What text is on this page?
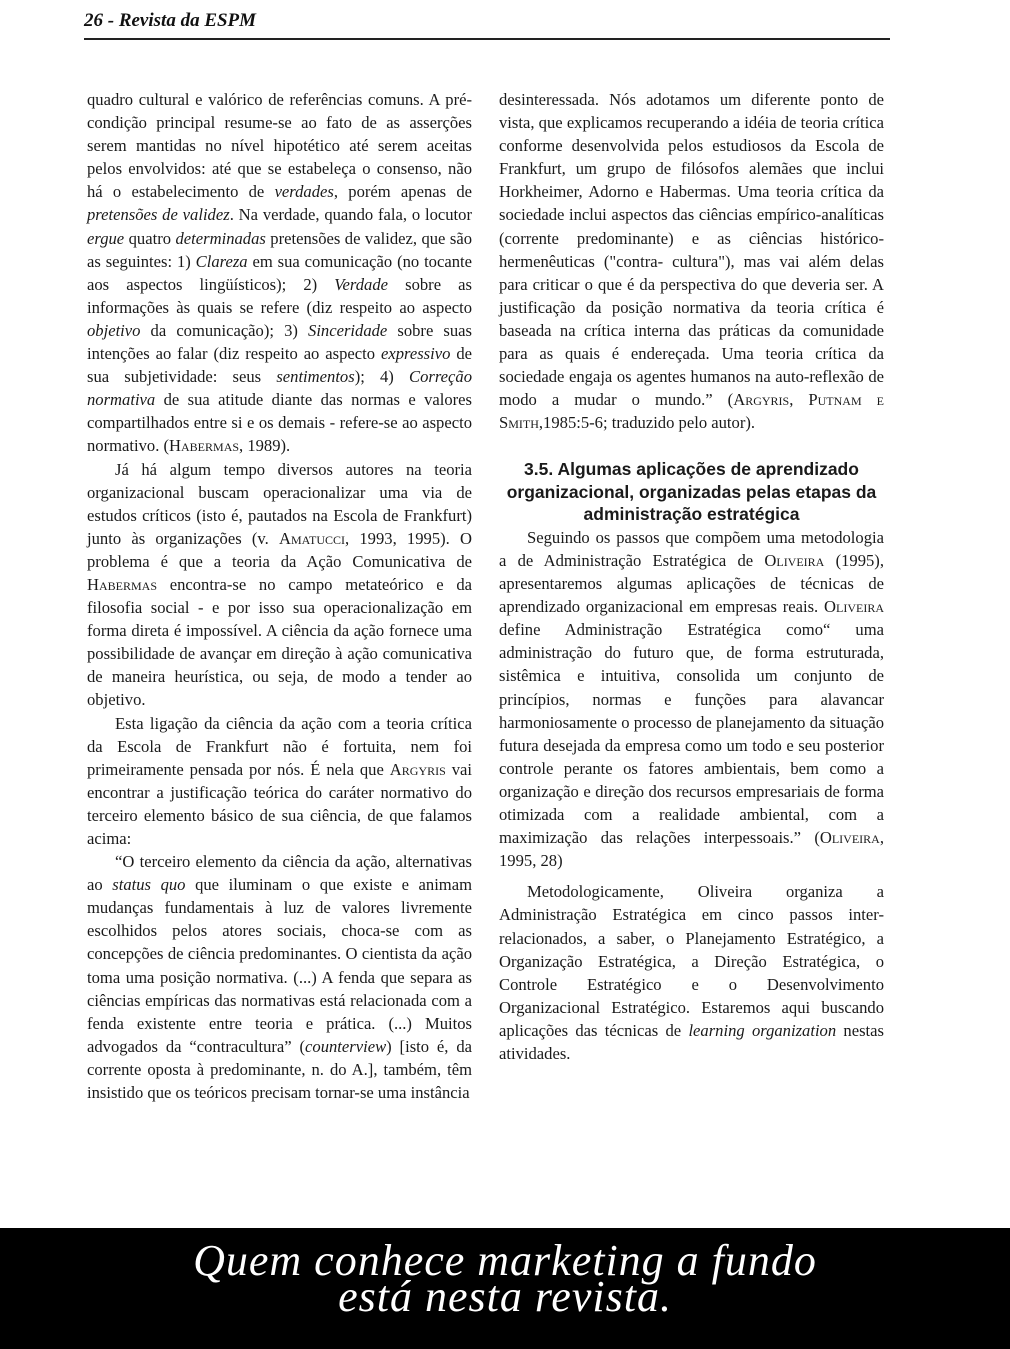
26 - Revista da ESPM

quadro cultural e valórico de referências comuns. A pré-condição principal resume-se ao fato de as asserções serem mantidas no nível hipotético até serem aceitas pelos envolvidos: até que se estabeleça o consenso, não há o estabelecimento de verdades, porém apenas de pretensões de validez. Na verdade, quando fala, o locutor ergue quatro determinadas pretensões de validez, que são as seguintes: 1) Clareza em sua comunicação (no tocante aos aspectos lingüísticos); 2) Verdade sobre as informações às quais se refere (diz respeito ao aspecto objetivo da comunicação); 3) Sinceridade sobre suas intenções ao falar (diz respeito ao aspecto expressivo de sua subjetividade: seus sentimentos); 4) Correção normativa de sua atitude diante das normas e valores compartilhados entre si e os demais - refere-se ao aspecto normativo. (Habermas, 1989).

Já há algum tempo diversos autores na teoria organizacional buscam operacionalizar uma via de estudos críticos (isto é, pautados na Escola de Frankfurt) junto às organizações (v. Amatucci, 1993, 1995). O problema é que a teoria da Ação Comunicativa de Habermas encontra-se no campo metateórico e da filosofia social - e por isso sua operacionalização em forma direta é impossível. A ciência da ação fornece uma possibilidade de avançar em direção à ação comunicativa de maneira heurística, ou seja, de modo a tender ao objetivo.

Esta ligação da ciência da ação com a teoria crítica da Escola de Frankfurt não é fortuita, nem foi primeiramente pensada por nós. É nela que Argyris vai encontrar a justificação teórica do caráter normativo do terceiro elemento básico de sua ciência, de que falamos acima:

“O terceiro elemento da ciência da ação, alternativas ao status quo que iluminam o que existe e animam mudanças fundamentais à luz de valores livremente escolhidos pelos atores sociais, choca-se com as concepções de ciência predominantes. O cientista da ação toma uma posição normativa. (...) A fenda que separa as ciências empíricas das normativas está relacionada com a fenda existente entre teoria e prática. (...) Muitos advogados da “contracultura” (counterview) [isto é, da corrente oposta à predominante, n. do A.], também, têm insistido que os teóricos precisam tornar-se uma instância

desinteressada. Nós adotamos um diferente ponto de vista, que explicamos recuperando a idéia de teoria crítica conforme desenvolvida pelos estudiosos da Escola de Frankfurt, um grupo de filósofos alemães que inclui Horkheimer, Adorno e Habermas. Uma teoria crítica da sociedade inclui aspectos das ciências empírico-analíticas (corrente predominante) e as ciências histórico-hermenêuticas ("contra- cultura"), mas vai além delas para criticar o que é da perspectiva do que deveria ser. A justificação da posição normativa da teoria crítica é baseada na crítica interna das práticas da comunidade para as quais é endereçada. Uma teoria crítica da sociedade engaja os agentes humanos na auto-reflexão de modo a mudar o mundo.” (Argyris, Putnam e Smith,1985:5-6; traduzido pelo autor).

3.5. Algumas aplicações de aprendizado organizacional, organizadas pelas etapas da administração estratégica

Seguindo os passos que compõem uma metodologia a de Administração Estratégica de Oliveira (1995), apresentaremos algumas aplicações de técnicas de aprendizado organizacional em empresas reais. Oliveira define Administração Estratégica como“ uma administração do futuro que, de forma estruturada, sistêmica e intuitiva, consolida um conjunto de princípios, normas e funções para alavancar harmoniosamente o processo de planejamento da situação futura desejada da empresa como um todo e seu posterior controle perante os fatores ambientais, bem como a organização e direção dos recursos empresariais de forma otimizada com a realidade ambiental, com a maximização das relações interpessoais.” (Oliveira, 1995, 28)

Metodologicamente, Oliveira organiza a Administração Estratégica em cinco passos inter-relacionados, a saber, o Planejamento Estratégico, a Organização Estratégica, a Direção Estratégica, o Controle Estratégico e o Desenvolvimento Organizacional Estratégico. Estaremos aqui buscando aplicações das técnicas de learning organization nestas atividades.

Quem conhece marketing a fundo
está nesta revista.
